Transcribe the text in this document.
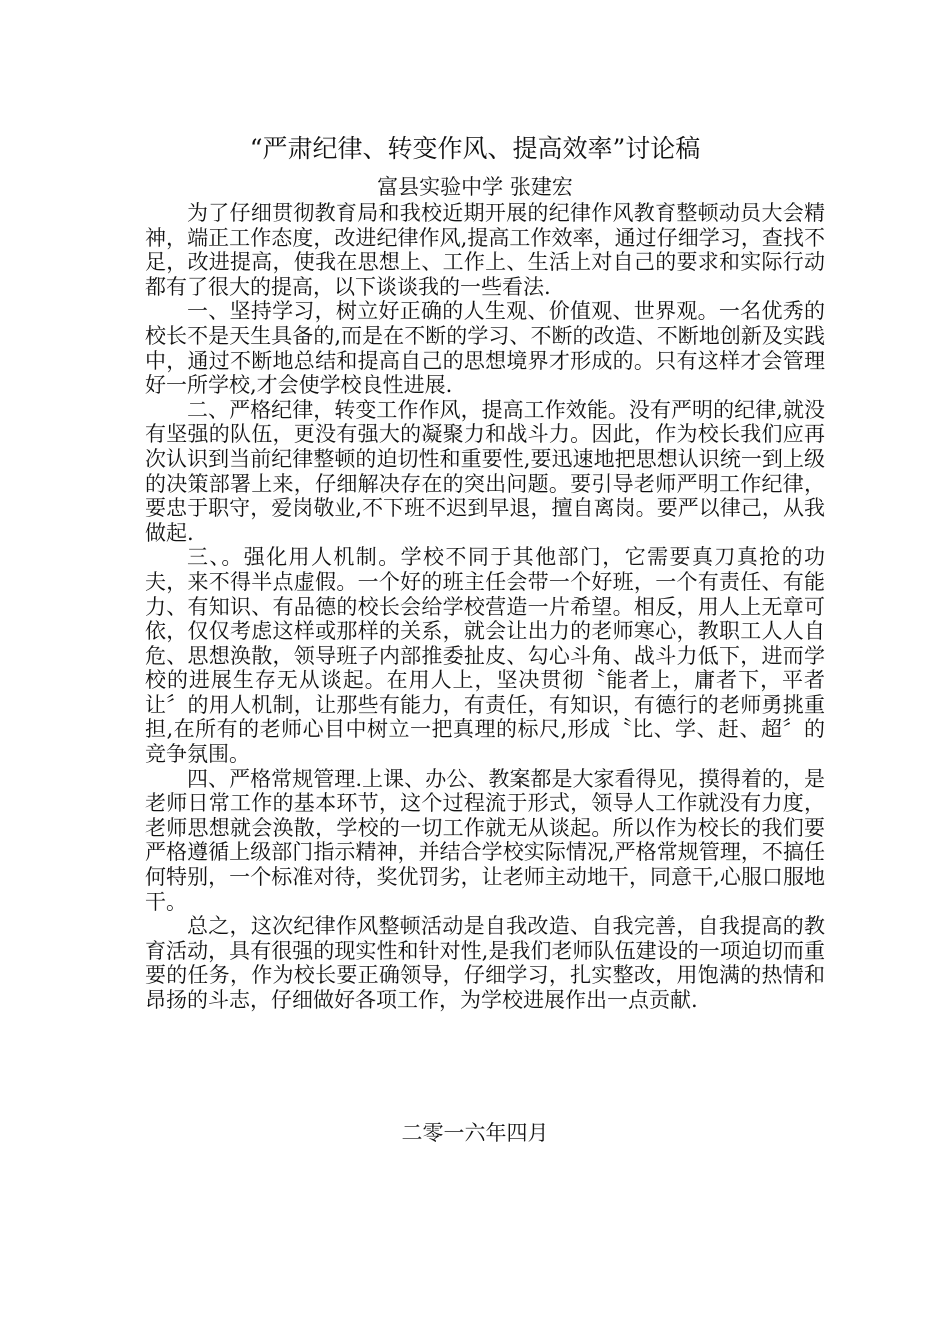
“严肃纪律、转变作风、提高效率”讨论稿
富县实验中学 张建宏

为了仔细贯彻教育局和我校近期开展的纪律作风教育整顿动员大会精神，端正工作态度，改进纪律作风,提高工作效率，通过仔细学习，查找不足，改进提高，使我在思想上、工作上、生活上对自己的要求和实际行动都有了很大的提高，以下谈谈我的一些看法.

一、坚持学习，树立好正确的人生观、价值观、世界观。一名优秀的校长不是天生具备的,而是在不断的学习、不断的改造、不断地创新及实践中，通过不断地总结和提高自己的思想境界才形成的。只有这样才会管理好一所学校,才会使学校良性进展.

二、严格纪律，转变工作作风，提高工作效能。没有严明的纪律,就没有坚强的队伍，更没有强大的凝聚力和战斗力。因此，作为校长我们应再次认识到当前纪律整顿的迫切性和重要性,要迅速地把思想认识统一到上级的决策部署上来，仔细解决存在的突出问题。要引导老师严明工作纪律，要忠于职守，爱岗敬业,不下班不迟到早退，擅自离岗。要严以律己，从我做起.

三、。强化用人机制。学校不同于其他部门，它需要真刀真抢的功夫，来不得半点虚假。一个好的班主任会带一个好班，一个有责任、有能力、有知识、有品德的校长会给学校营造一片希望。相反，用人上无章可依，仅仅考虑这样或那样的关系，就会让出力的老师寒心，教职工人人自危、思想涣散，领导班子内部推委扯皮、勾心斗角、战斗力低下，进而学校的进展生存无从谈起。在用人上，坚决贯彻〝能者上，庸者下，平者让〞的用人机制，让那些有能力，有责任，有知识，有德行的老师勇挑重担,在所有的老师心目中树立一把真理的标尺,形成〝比、学、赶、超〞的竞争氛围。

四、严格常规管理.上课、办公、教案都是大家看得见，摸得着的，是老师日常工作的基本环节，这个过程流于形式，领导人工作就没有力度，老师思想就会涣散，学校的一切工作就无从谈起。所以作为校长的我们要严格遵循上级部门指示精神，并结合学校实际情况,严格常规管理，不搞任何特别，一个标准对待，奖优罚劣，让老师主动地干，同意干,心服口服地干。

总之，这次纪律作风整顿活动是自我改造、自我完善，自我提高的教育活动，具有很强的现实性和针对性,是我们老师队伍建设的一项迫切而重要的任务，作为校长要正确领导，仔细学习，扎实整改，用饱满的热情和昂扬的斗志，仔细做好各项工作，为学校进展作出一点贡献.

二零一六年四月
